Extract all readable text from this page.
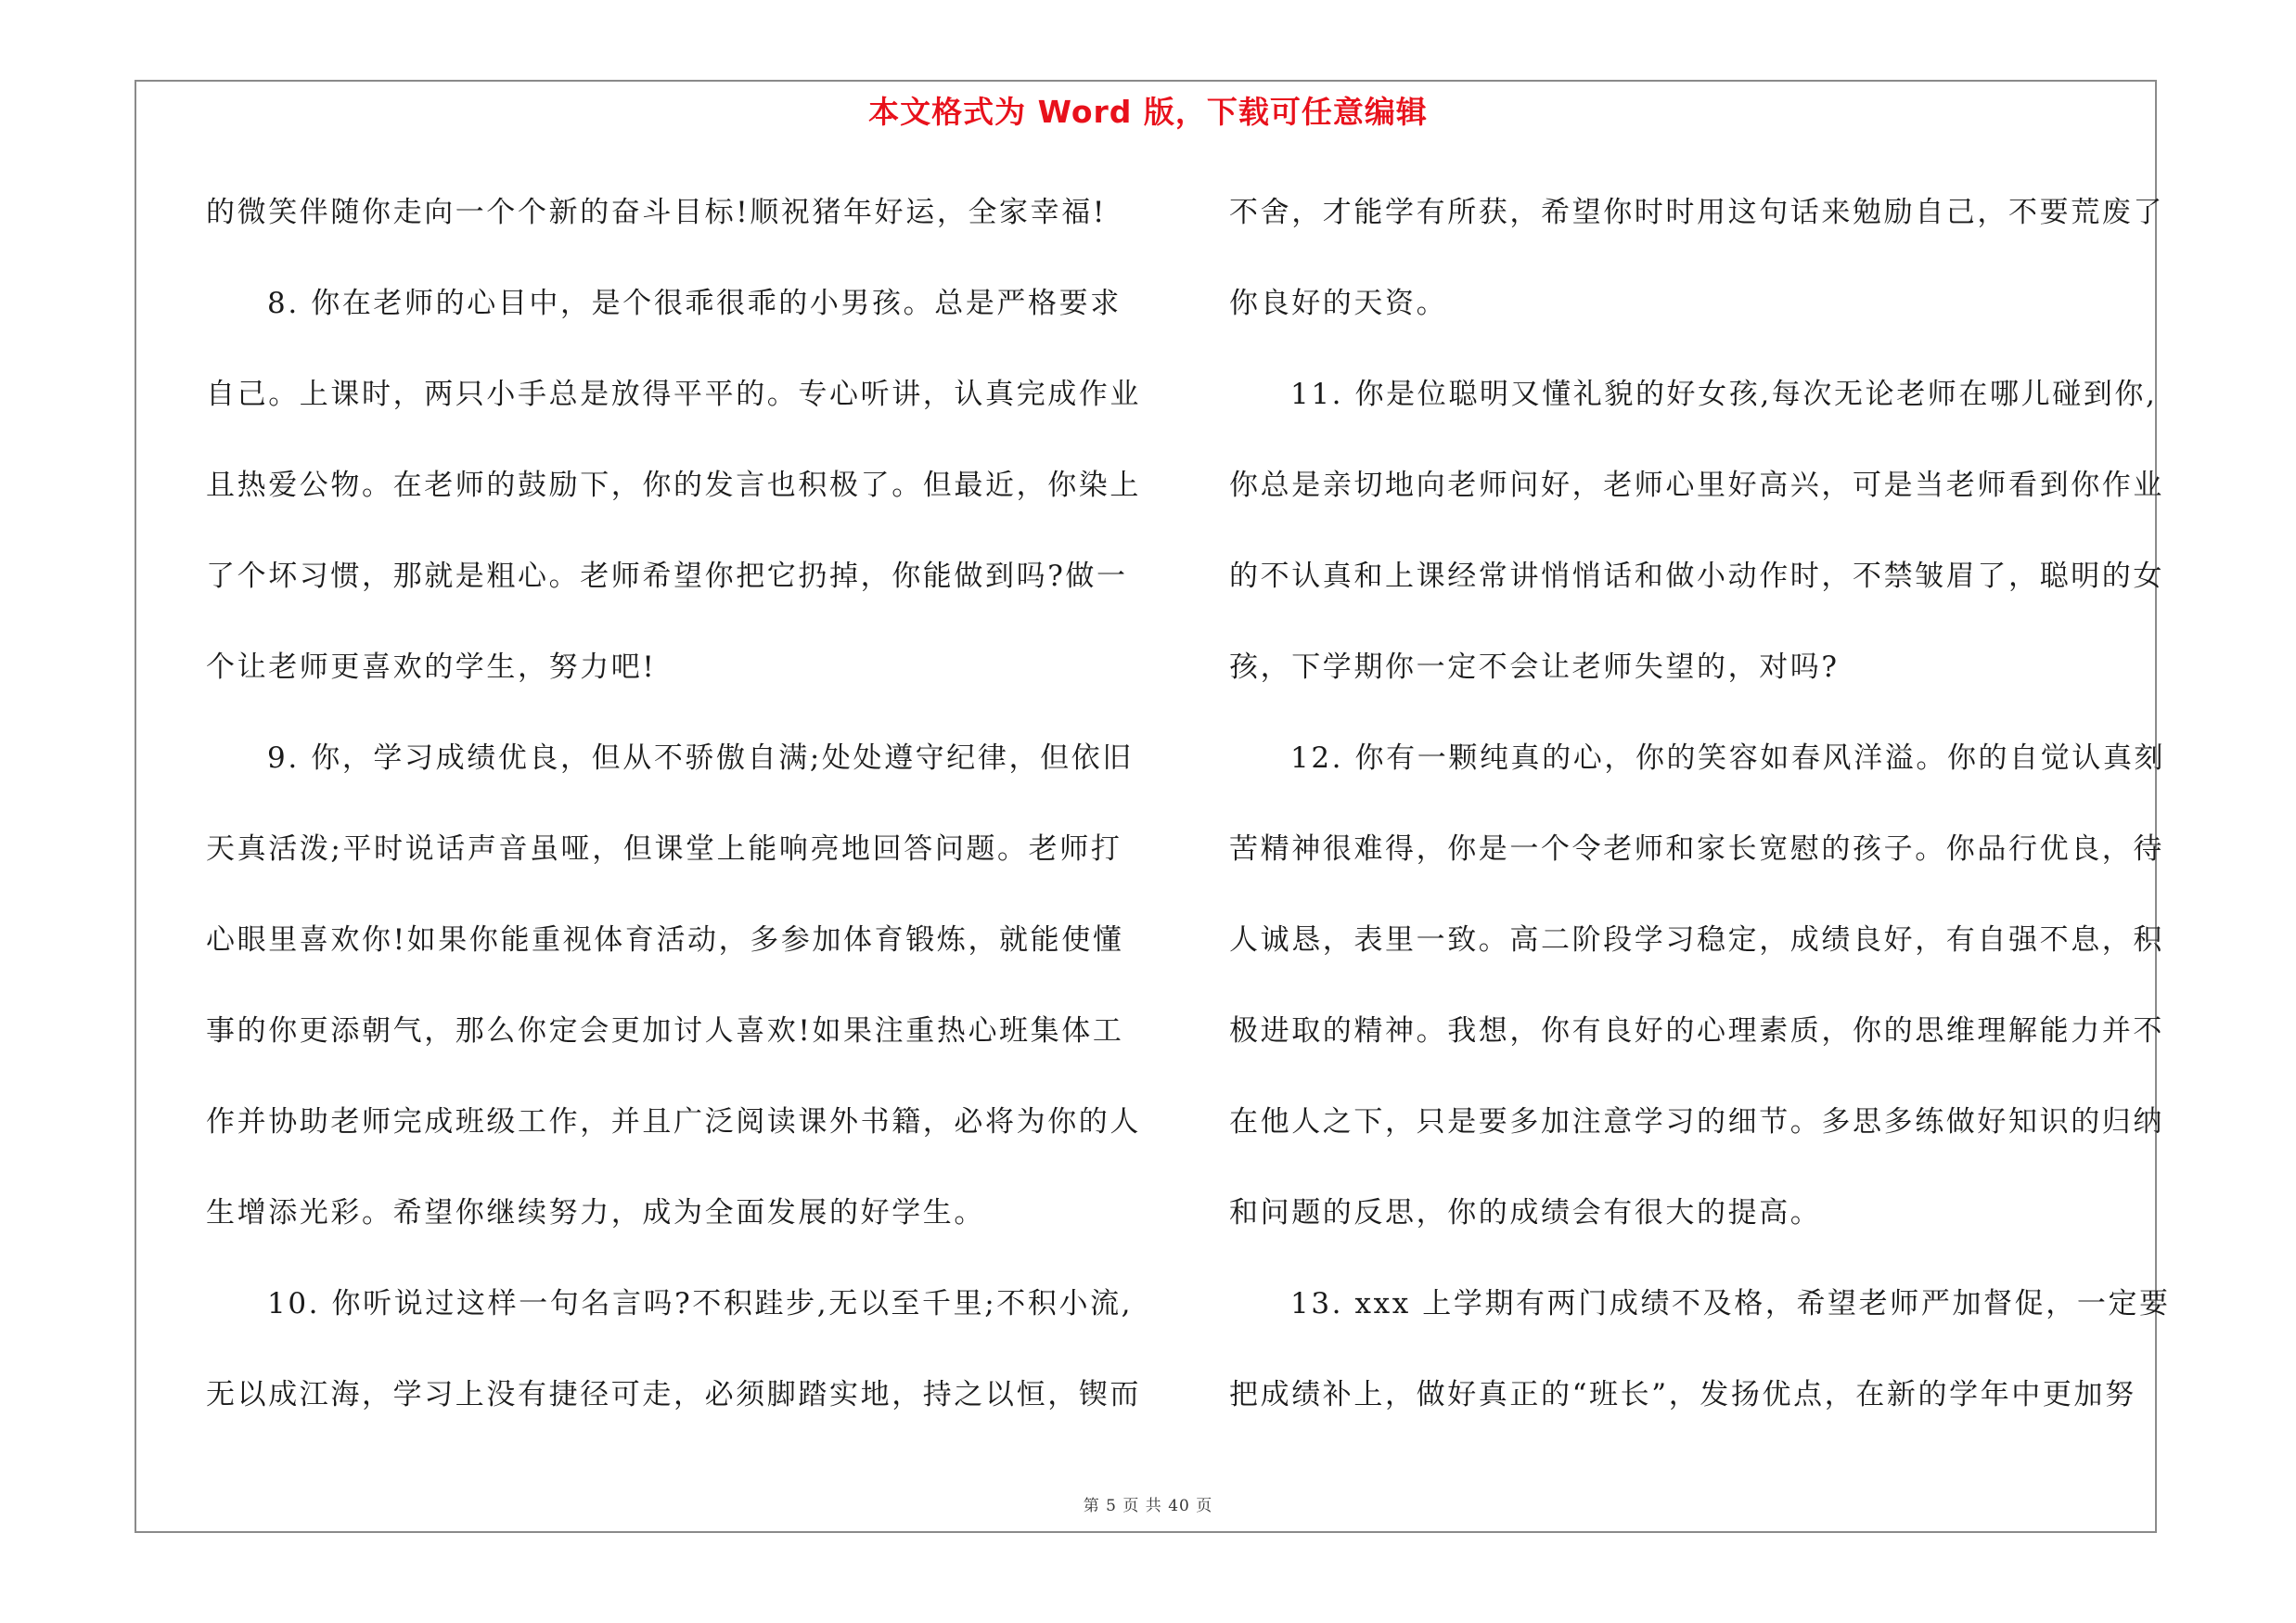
本文格式为 Word 版，下载可任意编辑
的微笑伴随你走向一个个新的奋斗目标!顺祝猪年好运，全家幸福!
8. 你在老师的心目中，是个很乖很乖的小男孩。总是严格要求
自己。上课时，两只小手总是放得平平的。专心听讲，认真完成作业
且热爱公物。在老师的鼓励下，你的发言也积极了。但最近，你染上
了个坏习惯，那就是粗心。老师希望你把它扔掉，你能做到吗?做一
个让老师更喜欢的学生，努力吧!
9. 你，学习成绩优良，但从不骄傲自满;处处遵守纪律，但依旧
天真活泼;平时说话声音虽哑，但课堂上能响亮地回答问题。老师打
心眼里喜欢你!如果你能重视体育活动，多参加体育锻炼，就能使懂
事的你更添朝气，那么你定会更加讨人喜欢!如果注重热心班集体工
作并协助老师完成班级工作，并且广泛阅读课外书籍，必将为你的人
生增添光彩。希望你继续努力，成为全面发展的好学生。
10. 你听说过这样一句名言吗?不积跬步,无以至千里;不积小流,
无以成江海，学习上没有捷径可走，必须脚踏实地，持之以恒，锲而
不舍，才能学有所获，希望你时时用这句话来勉励自己，不要荒废了
你良好的天资。
11. 你是位聪明又懂礼貌的好女孩,每次无论老师在哪儿碰到你,
你总是亲切地向老师问好，老师心里好高兴，可是当老师看到你作业
的不认真和上课经常讲悄悄话和做小动作时，不禁皱眉了，聪明的女
孩，下学期你一定不会让老师失望的，对吗?
12. 你有一颗纯真的心，你的笑容如春风洋溢。你的自觉认真刻
苦精神很难得，你是一个令老师和家长宽慰的孩子。你品行优良，待
人诚恳，表里一致。高二阶段学习稳定，成绩良好，有自强不息，积
极进取的精神。我想，你有良好的心理素质，你的思维理解能力并不
在他人之下，只是要多加注意学习的细节。多思多练做好知识的归纳
和问题的反思，你的成绩会有很大的提高。
13. xxx 上学期有两门成绩不及格，希望老师严加督促，一定要
把成绩补上，做好真正的“班长”，发扬优点，在新的学年中更加努
第 5 页 共 40 页
